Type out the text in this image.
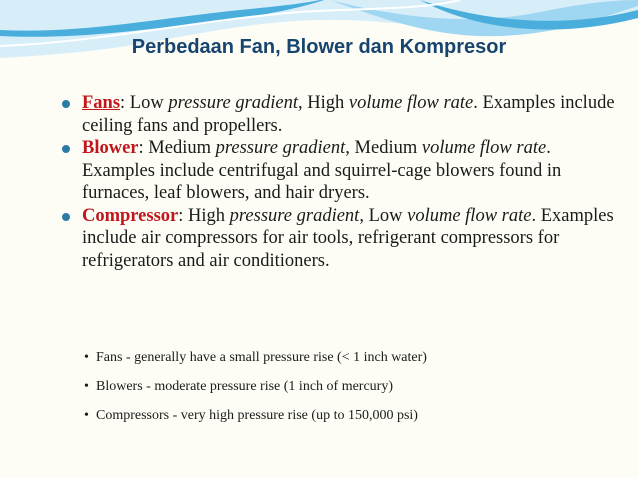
Perbedaan Fan, Blower dan Kompresor
Fans: Low pressure gradient, High volume flow rate. Examples include ceiling fans and propellers.
Blower: Medium pressure gradient, Medium volume flow rate. Examples include centrifugal and squirrel-cage blowers found in furnaces, leaf blowers, and hair dryers.
Compressor: High pressure gradient, Low volume flow rate. Examples include air compressors for air tools, refrigerant compressors for refrigerators and air conditioners.
• Fans - generally have a small pressure rise (< 1 inch water)
• Blowers - moderate pressure rise (1 inch of mercury)
• Compressors - very high pressure rise (up to 150,000 psi)
